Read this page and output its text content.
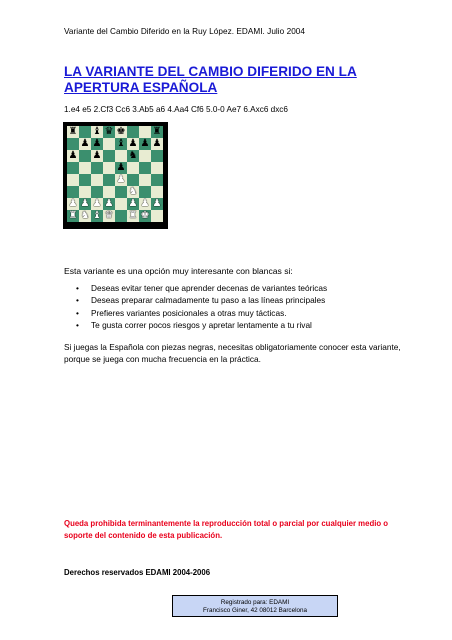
Variante del Cambio Diferido en la Ruy López. EDAMI. Julio 2004
LA VARIANTE DEL CAMBIO DIFERIDO EN LA APERTURA ESPAÑOLA
1.e4 e5 2.Cf3 Cc6 3.Ab5 a6 4.Aa4 Cf6 5.0-0 Ae7 6.Axc6 dxc6
♜ ♝ ♛ ♚	♜
♟ ♟ ♝ ♟ ♟ ♟
♟ ♟	♞
♟
♟
♞
♟ ♟ ♟ ♟ ♟ ♟ ♟
♜ ♞ ♝ ♛ ♜ ♚
Esta variante es una opción muy interesante con blancas si:
• Deseas evitar tener que aprender decenas de variantes teóricas
• Deseas preparar calmadamente tu paso a las líneas principales
• Prefieres variantes posicionales a otras muy tácticas.
• Te gusta correr pocos riesgos y apretar lentamente a tu rival
Si juegas la Española con piezas negras, necesitas obligatoriamente conocer esta variante, porque se juega con mucha frecuencia en la práctica.
Queda prohibida terminantemente la reproducción total o parcial por cualquier medio o soporte del contenido de esta publicación.
Derechos reservados EDAMI 2004-2006
Registrado para: EDAMI
Francisco Giner, 42 08012 Barcelona
